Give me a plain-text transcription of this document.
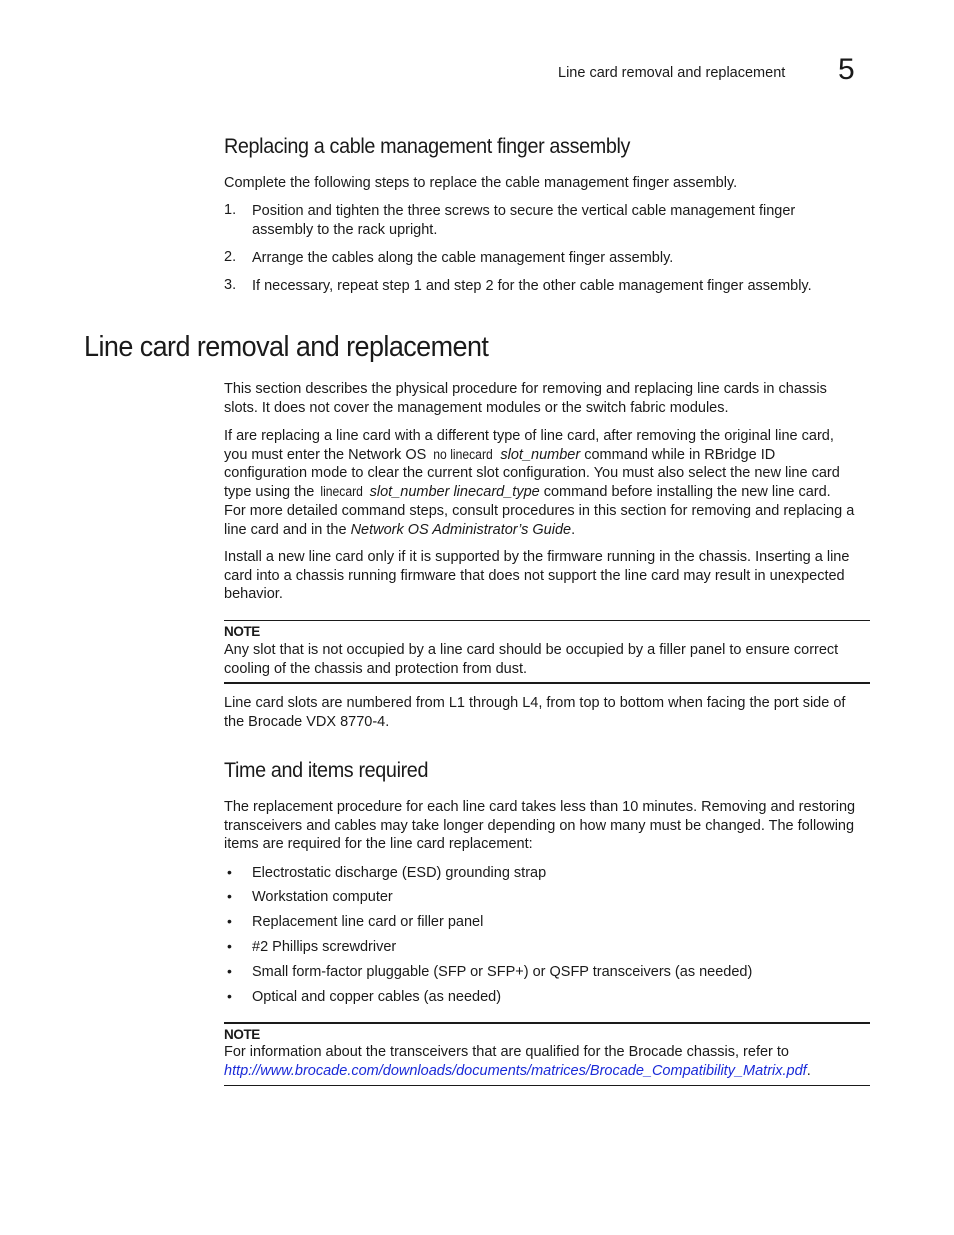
Line card removal and replacement 5
Replacing a cable management finger assembly
Complete the following steps to replace the cable management finger assembly.
1. Position and tighten the three screws to secure the vertical cable management finger
assembly to the rack upright.
2. Arrange the cables along the cable management finger assembly.
3. If necessary, repeat step 1 and step 2 for the other cable management finger assembly.
Line card removal and replacement
This section describes the physical procedure for removing and replacing line cards in chassis
slots. It does not cover the management modules or the switch fabric modules.
If are replacing a line card with a different type of line card, after removing the original line card,
you must enter the Network OS no linecard slot_number command while in RBridge ID
configuration mode to clear the current slot configuration. You must also select the new line card
type using the linecard slot_number linecard_type command before installing the new line card.
For more detailed command steps, consult procedures in this section for removing and replacing a
line card and in the Network OS Administrator’s Guide.
Install a new line card only if it is supported by the firmware running in the chassis. Inserting a line
card into a chassis running firmware that does not support the line card may result in unexpected
behavior.
NOTE
Any slot that is not occupied by a line card should be occupied by a filler panel to ensure correct
cooling of the chassis and protection from dust.
Line card slots are numbered from L1 through L4, from top to bottom when facing the port side of
the Brocade VDX 8770-4.
Time and items required
The replacement procedure for each line card takes less than 10 minutes. Removing and restoring
transceivers and cables may take longer depending on how many must be changed. The following
items are required for the line card replacement:
• Electrostatic discharge (ESD) grounding strap
• Workstation computer
• Replacement line card or filler panel
• #2 Phillips screwdriver
• Small form-factor pluggable (SFP or SFP+) or QSFP transceivers (as needed)
• Optical and copper cables (as needed)
NOTE
For information about the transceivers that are qualified for the Brocade chassis, refer to
http://www.brocade.com/downloads/documents/matrices/Brocade_Compatibility_Matrix.pdf.
